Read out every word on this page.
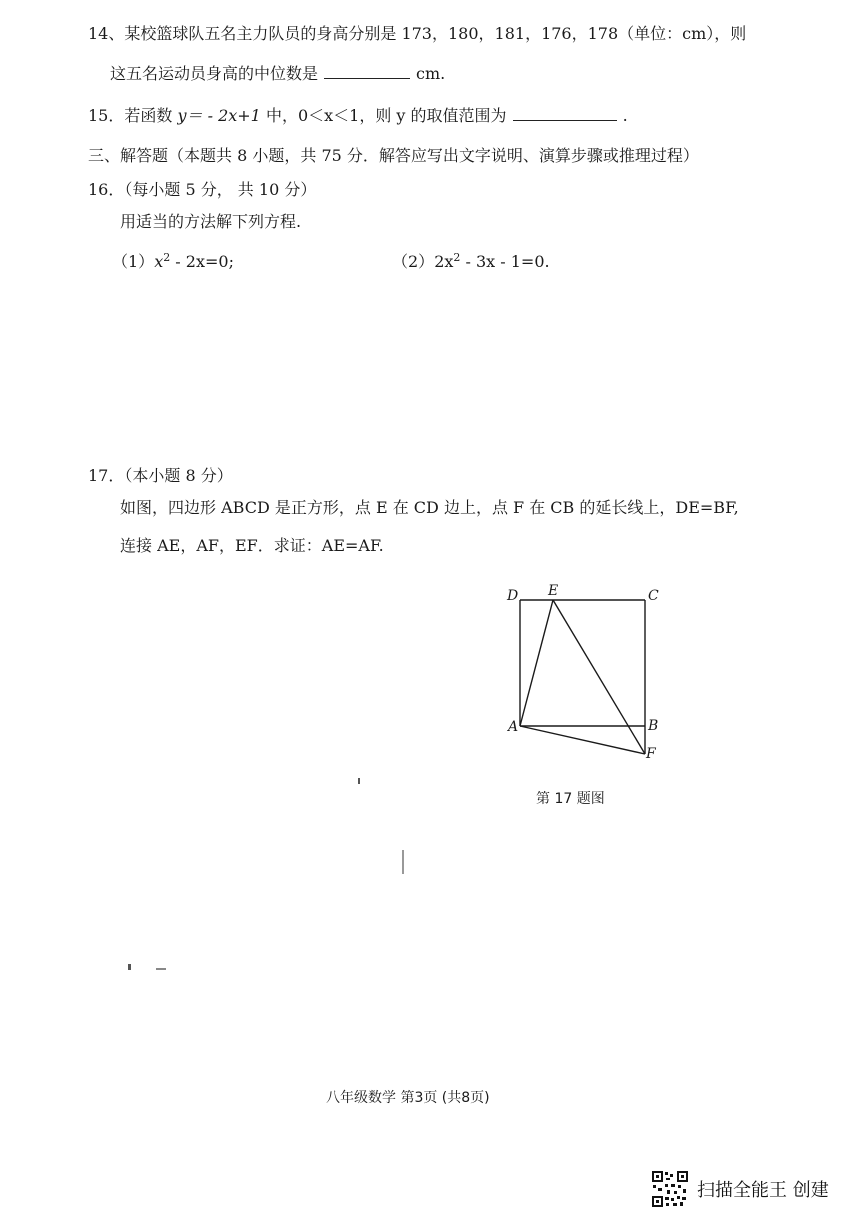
14、某校篮球队五名主力队员的身高分别是 173，180，181，176，178（单位：cm），则
这五名运动员身高的中位数是	cm.
15．若函数 y＝ - 2x+1 中，0＜x＜1，则 y 的取值范围为	.
三、解答题（本题共 8 小题，共 75 分．解答应写出文字说明、演算步骤或推理过程）
16．（每小题 5 分， 共 10 分）
用适当的方法解下列方程.
$(1)x^2 - 2x=0$;	$(2)2x^2 - 3x - 1=0$.
17．（本小题 8 分）
如图，四边形 ABCD 是正方形，点 E 在 CD 边上，点 F 在 CB 的延长线上，DE=BF,
连接 AE，AF，EF．求证：AE=AF.
D E	C
A	B
F
第 17 题图
八年级数学 第3页 (共8页)
扫描全能王 创建
